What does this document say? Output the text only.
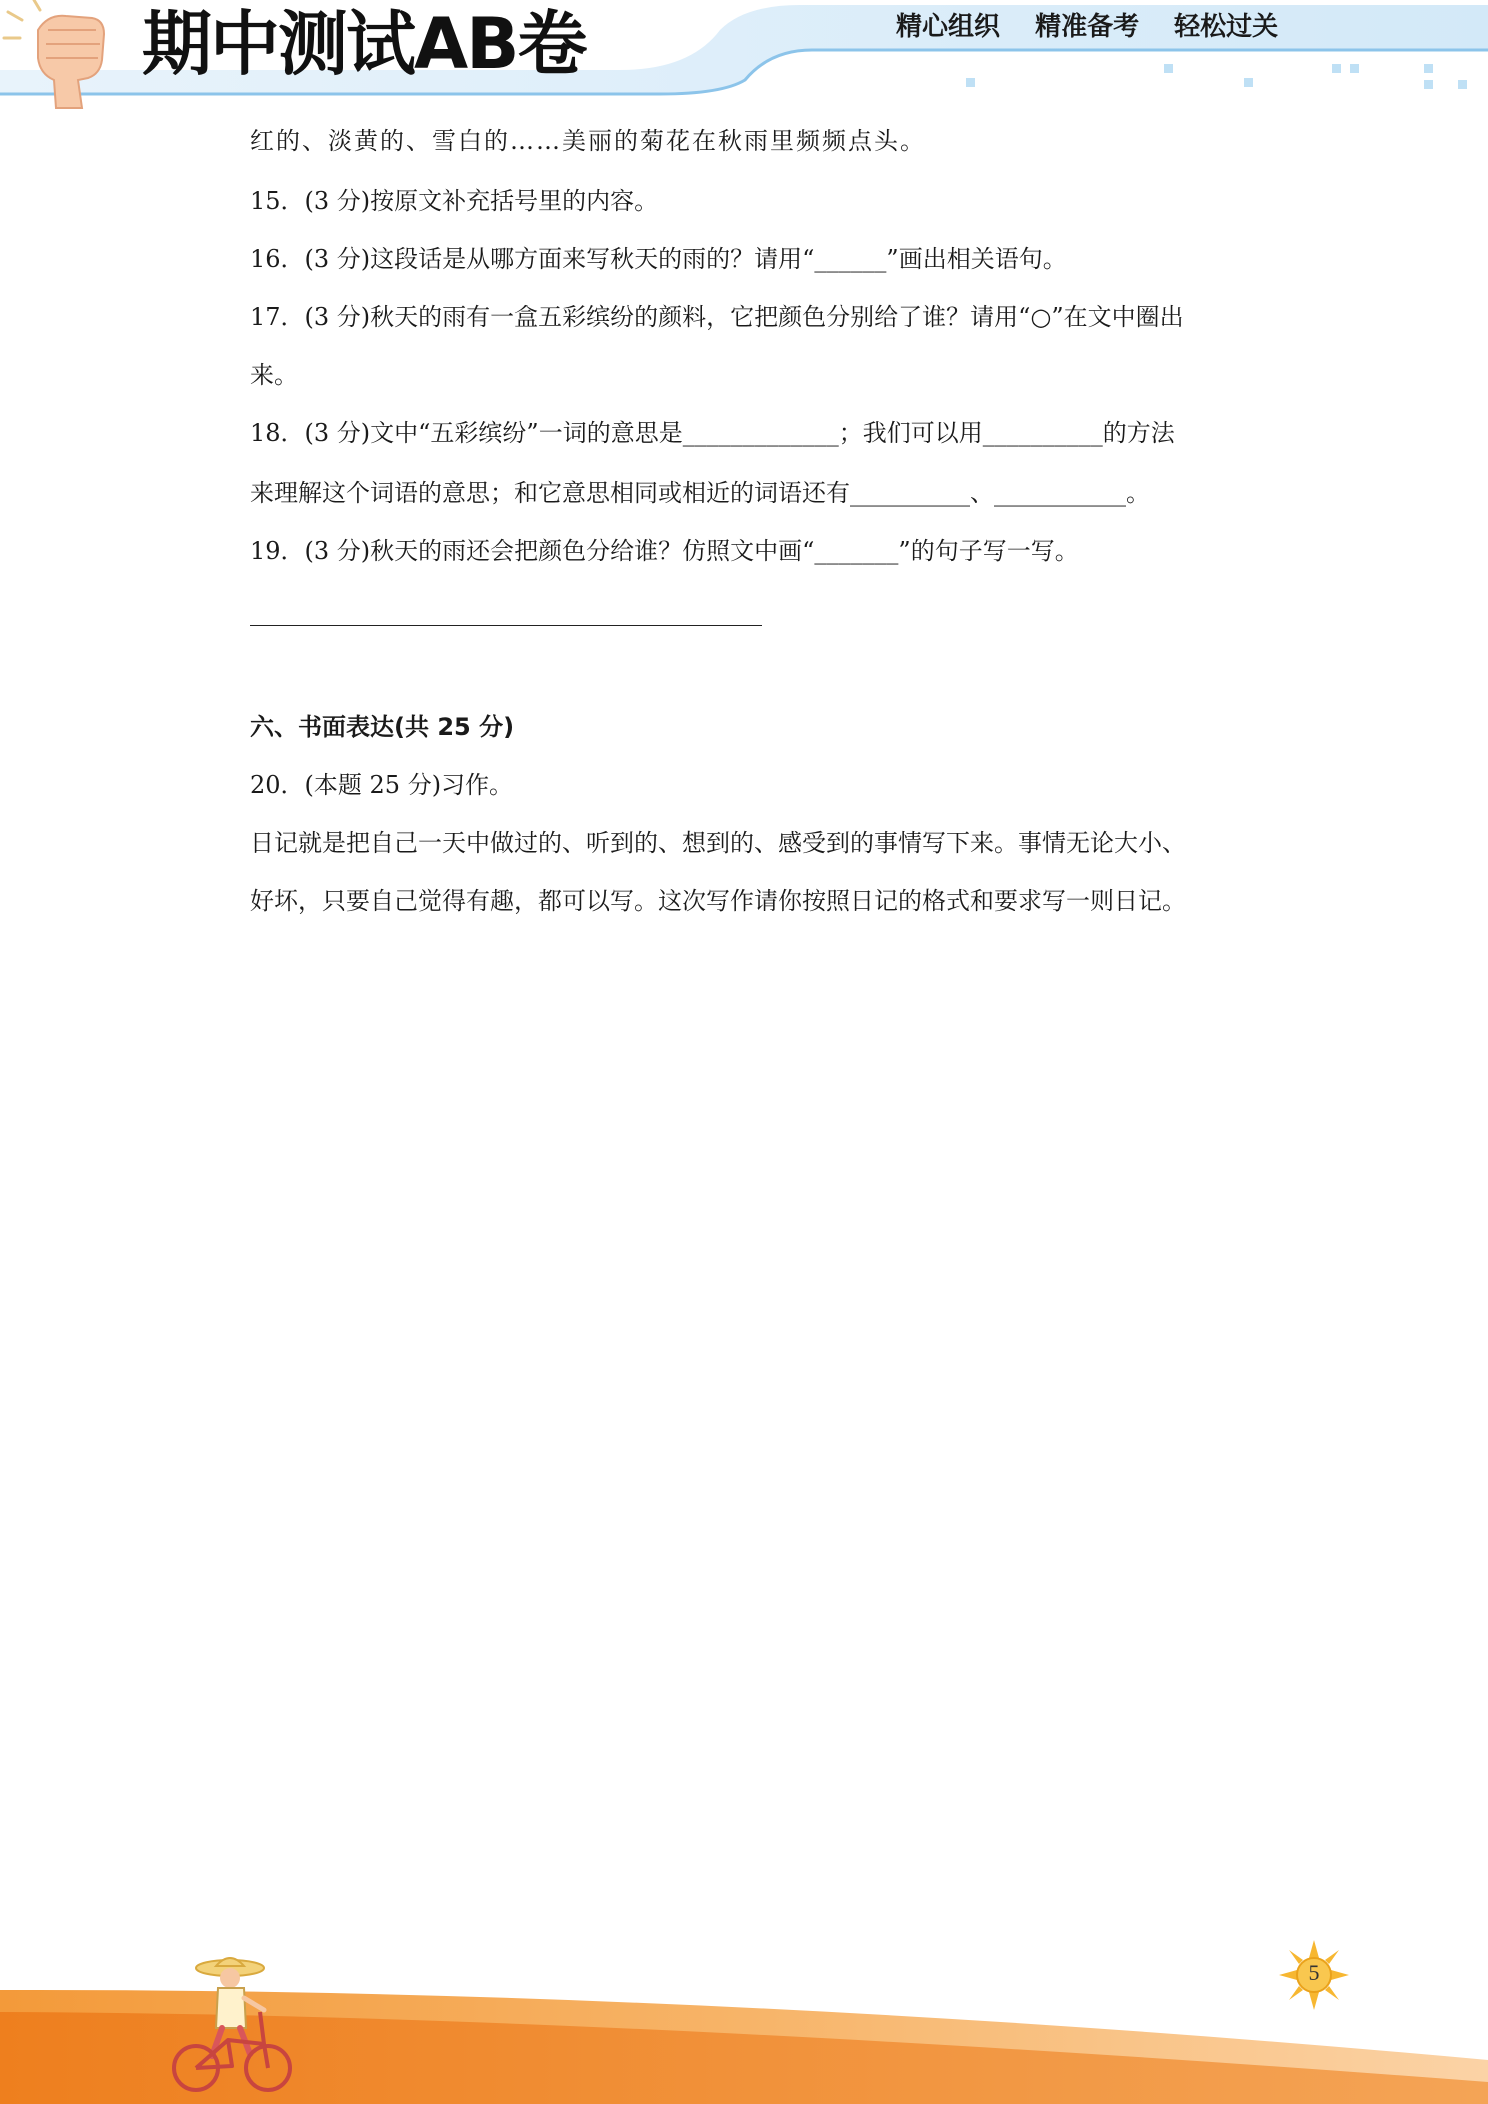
期中测试AB卷	精心组织 精准备考 轻松过关
红的、淡黄的、雪白的……美丽的菊花在秋雨里频频点头。
15．(3 分)按原文补充括号里的内容。
16．(3 分)这段话是从哪方面来写秋天的雨的？请用“______”画出相关语句。
17．(3 分)秋天的雨有一盒五彩缤纷的颜料，它把颜色分别给了谁？请用“○”在文中圈出
来。
18．(3 分)文中“五彩缤纷”一词的意思是_____________；我们可以用__________的方法
来理解这个词语的意思；和它意思相同或相近的词语还有__________、___________。
19．(3 分)秋天的雨还会把颜色分给谁？仿照文中画“_______”的句子写一写。
六、书面表达(共 25 分)
20．(本题 25 分)习作。
日记就是把自己一天中做过的、听到的、想到的、感受到的事情写下来。事情无论大小、
好坏，只要自己觉得有趣，都可以写。这次写作请你按照日记的格式和要求写一则日记。
5
